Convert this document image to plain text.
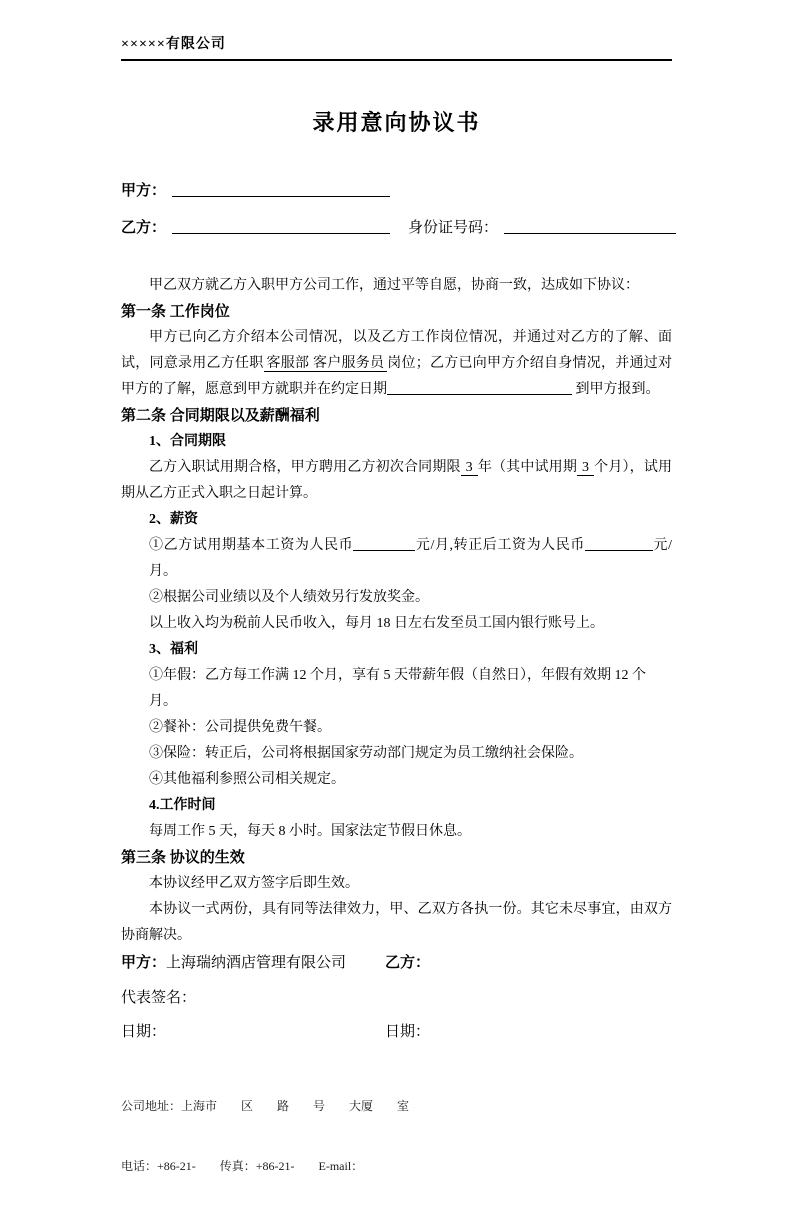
×××××有限公司
录用意向协议书
甲方：
乙方：	身份证号码：

甲乙双方就乙方入职甲方公司工作，通过平等自愿，协商一致，达成如下协议：

第一条 工作岗位

甲方已向乙方介绍本公司情况，以及乙方工作岗位情况，并通过对乙方的了解、面试，同意录用乙方任职 客服部 客户服务员 岗位；乙方已向甲方介绍自身情况，并通过对甲方的了解，愿意到甲方就职并在约定日期	到甲方报到。

第二条 合同期限以及薪酬福利

1、合同期限

乙方入职试用期合格，甲方聘用乙方初次合同期限 3 年（其中试用期 3 个月），试用期从乙方正式入职之日起计算。

2、薪资

①乙方试用期基本工资为人民币	元/月,转正后工资为人民币	元/月。

②根据公司业绩以及个人绩效另行发放奖金。

以上收入均为税前人民币收入，每月 18 日左右发至员工国内银行账号上。

3、福利

①年假：乙方每工作满 12 个月，享有 5 天带薪年假（自然日），年假有效期 12 个月。

②餐补：公司提供免费午餐。

③保险：转正后，公司将根据国家劳动部门规定为员工缴纳社会保险。

④其他福利参照公司相关规定。

4.工作时间

每周工作 5 天，每天 8 小时。国家法定节假日休息。

第三条 协议的生效

本协议经甲乙双方签字后即生效。

本协议一式两份，具有同等法律效力，甲、乙双方各执一份。其它未尽事宜，由双方协商解决。

甲方：上海瑞纳酒店管理有限公司	乙方：
代表签名：
日期：	日期：

公司地址：上海市　　区　　路　　号　　大厦　　室

电话：+86-21-　　传真：+86-21-　　E-mail：
